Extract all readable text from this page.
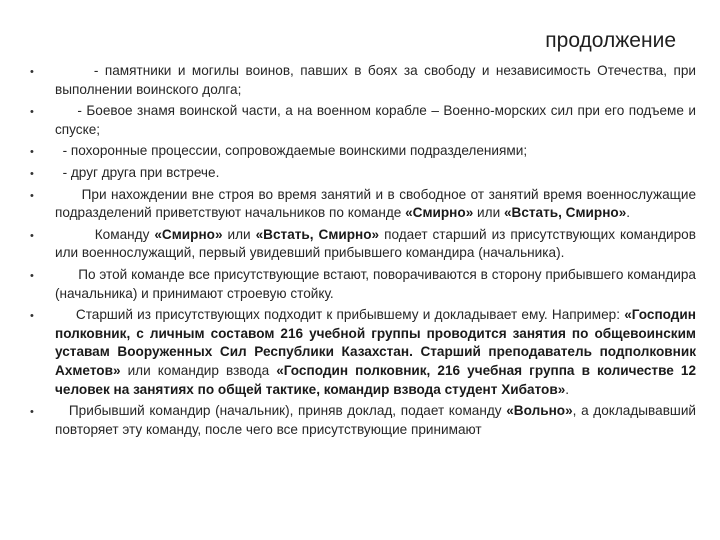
продолжение
• - памятники и могилы воинов, павших в боях за свободу и независимость Отечества, при выполнении воинского долга;
• - Боевое знамя воинской части, а на военном корабле – Военно-морских сил при его подъеме и спуске;
• - похоронные процессии, сопровождаемые воинскими подразделениями;
• - друг друга при встрече.
• При нахождении вне строя во время занятий и в свободное от занятий время военнослужащие подразделений приветствуют начальников по команде «Смирно» или «Встать, Смирно».
• Команду «Смирно» или «Встать, Смирно» подает старший из присутствующих командиров или военнослужащий, первый увидевший прибывшего командира (начальника).
• По этой команде все присутствующие встают, поворачиваются в сторону прибывшего командира (начальника) и принимают строевую стойку.
• Старший из присутствующих подходит к прибывшему и докладывает ему. Например: «Господин полковник, с личным составом 216 учебной группы проводится занятия по общевоинским уставам Вооруженных Сил Республики Казахстан. Старший преподаватель подполковник Ахметов» или командир взвода «Господин полковник, 216 учебная группа в количестве 12 человек на занятиях по общей тактике, командир взвода студент Хибатов».
• Прибывший командир (начальник), приняв доклад, подает команду «Вольно», а докладывавший повторяет эту команду, после чего все присутствующие принимают
